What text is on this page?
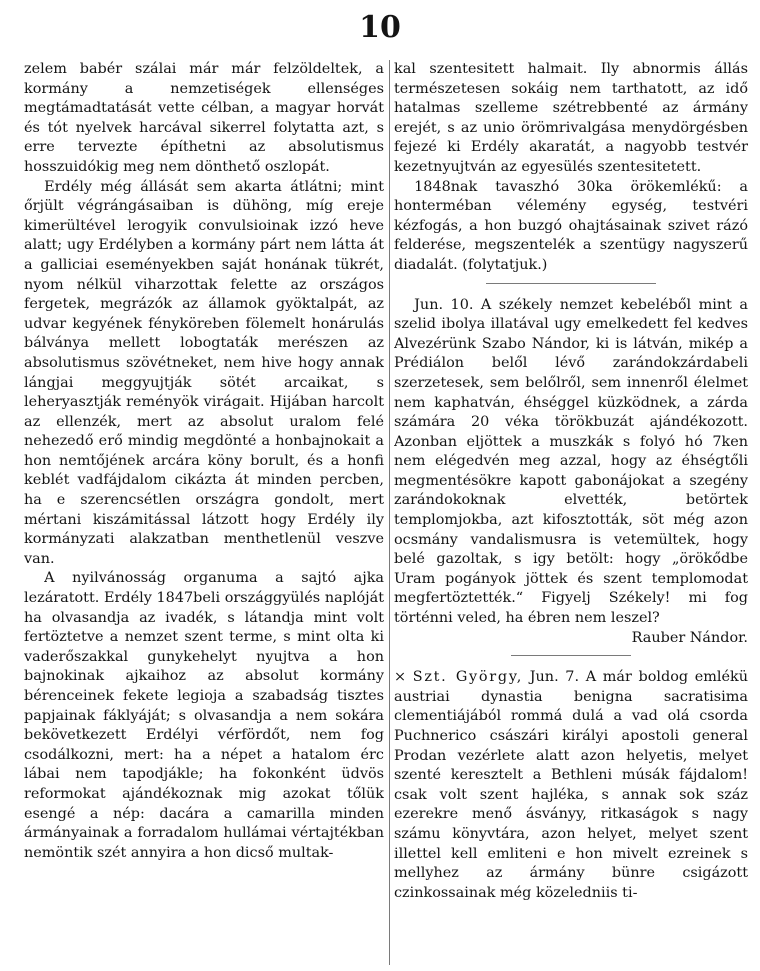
10

zelem babér szálai már már felzöldeltek, a kormány a nemzetiségek ellenséges megtámadtatását vette célban, a magyar horvát és tót nyelvek harcával sikerrel folytatta azt, s erre tervezte építhetni az absolutismus hosszuidókig meg nem dönthető oszlopát.

Erdély még állását sem akarta átlátni; mint őrjült végrángásaiban is dühöng, míg ereje kimerültével lerogyik convulsioinak izzó heve alatt; ugy Erdélyben a kormány párt nem látta át a galliciai eseményekben saját honának tükrét, nyom nélkül viharzottak felette az országos fergetek, megrázók az államok gyöktalpát, az udvar kegyének fényköreben fölemelt honárulás bálványa mellett lobogtaták merészen az absolutismus szövétneket, nem hive hogy annak lángjai meggyujtják sötét arcaikat, s leheryasztják reményök virágait. Hijában harcolt az ellenzék, mert az absolut uralom felé nehezedő erő mindig megdönté a honbajnokait a hon nemtőjének arcára köny borult, és a honfi keblét vadfájdalom cikázta át minden percben, ha e szerencsétlen országra gondolt, mert mértani kiszámitással látzott hogy Erdély ily kormányzati alakzatban menthetlenül veszve van.

A nyilvánosság organuma a sajtó ajka lezáratott. Erdély 1847beli országgyülés naplóját ha olvasandja az ivadék, s látandja mint volt fertöztetve a nemzet szent terme, s mint olta ki vaderőszakkal gunykehelyt nyujtva a hon bajnokinak ajkaihoz az absolut kormány bérenceinek fekete legioja a szabadság tisztes papjainak fáklyáját; s olvasandja a nem sokára bekövetkezett Erdélyi vérfördőt, nem fog csodálkozni, mert: ha a népet a hatalom érc lábai nem tapodjákle; ha fokonként üdvös reformokat ajándékoznak mig azokat tőlük esengé a nép: dacára a camarilla minden ármányainak a forradalom hullámai vértajtékban nemöntik szét annyira a hon dicső multak-

kal szentesitett halmait. Ily abnormis állás természetesen sokáig nem tarthatott, az idő hatalmas szelleme szétrebbenté az ármány erejét, s az unio örömrivalgása menydörgésben fejezé ki Erdély akaratát, a nagyobb testvér kezetnyujtván az egyesülés szentesitetett.

1848nak tavaszhó 30ka örökemlékű: a honterméban vélemény egység, testvéri kézfogás, a hon buzgó ohajtásainak szivet rázó felderése, megszentelék a szentügy nagyszerű diadalát. (folytatjuk.)

Jun. 10. A székely nemzet kebeléből mint a szelid ibolya illatával ugy emelkedett fel kedves Alvezérünk Szabo Nándor, ki is látván, mikép a Prédiálon belől lévő zarándokzárdabeli szerzetesek, sem belőlről, sem innenről élelmet nem kaphatván, éhséggel küzködnek, a zárda számára 20 véka törökbuzát ajándékozott. Azonban eljöttek a muszkák s folyó hó 7ken nem elégedvén meg azzal, hogy az éhségtőli megmentésökre kapott gabonájokat a szegény zarándokoknak elvették, betörtek templomjokba, azt kifosztották, söt még azon ocsmány vandalismusra is vetemültek, hogy belé gazoltak, s igy betölt: hogy „örökődbe Uram pogányok jöttek és szent templomodat megfertöztették.“ Figyelj Székely! mi fog történni veled, ha ébren nem leszel?

Rauber Nándor.

× Szt. György, Jun. 7. A már boldog emlékü austriai dynastia benigna sacratisima clementiájából rommá dulá a vad olá csorda Puchnerico császári királyi apostoli general Prodan vezérlete alatt azon helyetis, melyet szenté keresztelt a Bethleni músák fájdalom! csak volt szent hajléka, s annak sok száz ezerekre menő ásványy, ritkaságok s nagy számu könyvtára, azon helyet, melyet szent illettel kell emliteni e hon mivelt ezreinek s mellyhez az ármány bünre csigázott czinkossainak még közeledniis ti-
